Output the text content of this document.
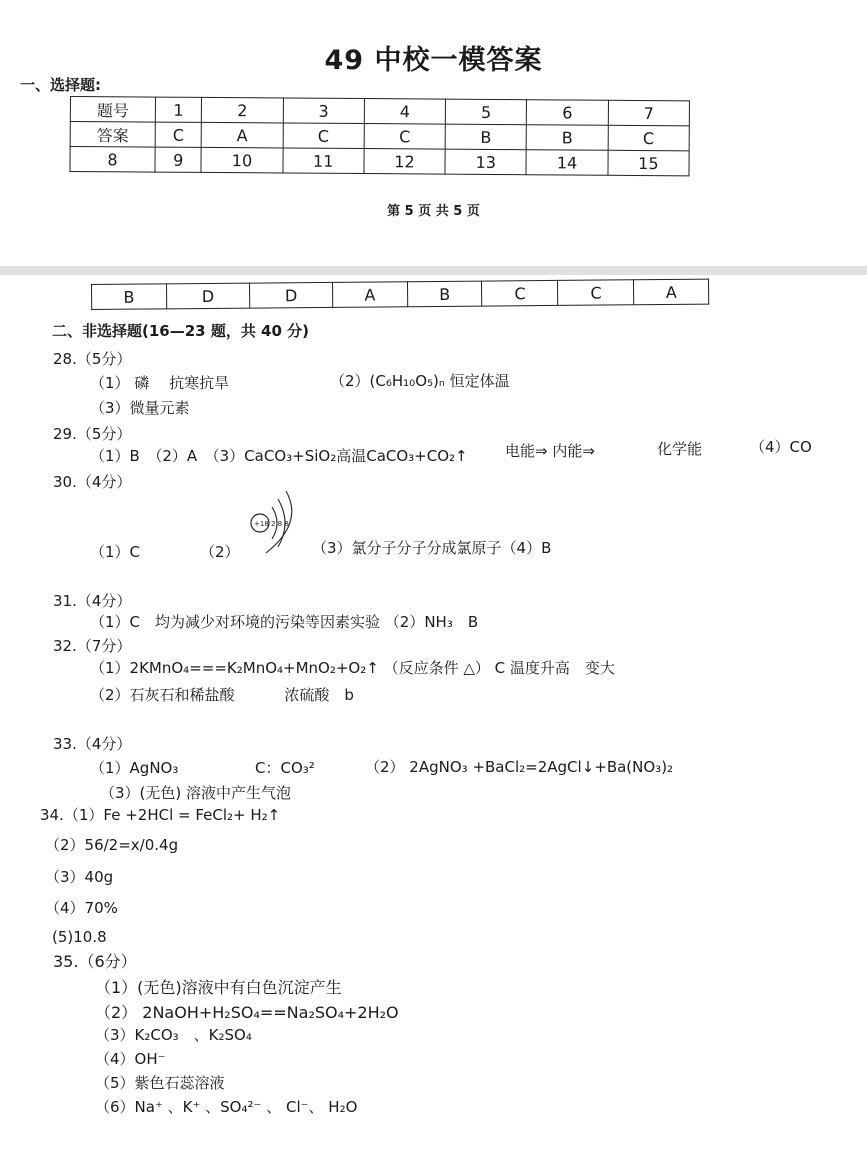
49 中校一模答案
一、选择题:
题号	1	2	3	4	5	6	7
答案	C	A	C	C	B	B	C
8	9	10	11	12	13	14	15
第 5 页 共 5 页
B	D	D	A	B	C	C	A
二、非选择题(16—23 题，共 40 分)
28.（5分）
（1） 磷　 抗寒抗旱	（2）(C₆H₁₀O₅)ₙ 恒定体温
（3）微量元素
29.（5分）
（1）B　（2）A　（3）CaCO₃+SiO₂高温CaCO₃+CO₂↑ 电能⇒ 内能⇒	化学能	（4）CO
30.（4分）
+18 2 8 8
（1）C	（2）	（3）氯分子分子分成氯原子（4）B
31.（4分）
（1）C　均为减少对环境的污染等因素实验 （2）NH₃　B
32.（7分）
（1）2KMnO₄===K₂MnO₄+MnO₂+O₂↑ （反应条件 △） C 温度升高　变大
（2）石灰石和稀盐酸　　　 浓硫酸　b
33.（4分）
（1）AgNO₃	C：CO₃²	（2） 2AgNO₃ +BaCl₂=2AgCl↓+Ba(NO₃)₂
（3）(无色) 溶液中产生气泡
34.（1）Fe +2HCl = FeCl₂+ H₂↑
（2）56/2=x/0.4g
（3）40g
（4）70%
(5)10.8
35.（6分）
（1）(无色)溶液中有白色沉淀产生
（2） 2NaOH+H₂SO₄==Na₂SO₄+2H₂O
（3）K₂CO₃　、K₂SO₄
（4）OH⁻
（5）紫色石蕊溶液
（6）Na⁺ 、K⁺ 、SO₄²⁻ 、 Cl⁻、 H₂O
